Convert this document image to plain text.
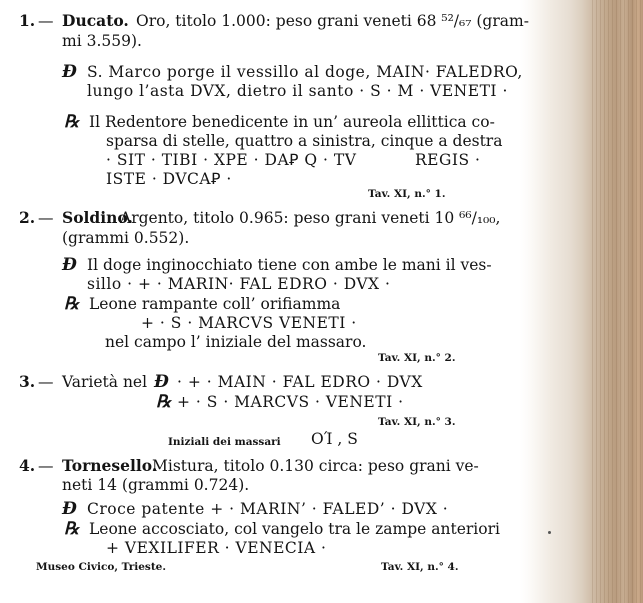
1. — Ducato. Oro, titolo 1.000: peso grani veneti 68 ⁵²/₆₇ (gram-
mi 3.559).
Ɖ S. Marco porge il vessillo al doge, MAIN· FALEDRO,
lungo l’asta DVX, dietro il santo · S · M · VENETI ·
℞ Il Redentore benedicente in un’ aureola ellittica co-
sparsa di stelle, quattro a sinistra, cinque a destra
· SIT · TIBI · XPE · DAꝐ Q · TV	REGIS ·
ISTE · DVCAꝐ ·
Tav. XI, n.° 1.
2. — Soldino.
Argento, titolo 0.965: peso grani veneti 10 ⁶⁶/₁₀₀,
(grammi 0.552).
Ɖ Il doge inginocchiato tiene con ambe le mani il ves-
sillo · + · MARIN· FAL EDRO · DVX ·
℞ Leone rampante coll’ orifiamma
+ · S · MARCVS VENETI ·
nel campo l’ iniziale del massaro.
Tav. XI, n.° 2.
3. — Varietà nel Ɖ · + · MAIN · FAL EDRO · DVX
℞ + · S · MARCVS · VENETI ·
Tav. XI, n.° 3.
Iniziali dei massari ΟΊ , S
4. — Tornesello.
Mistura, titolo 0.130 circa: peso grani ve-
neti 14 (grammi 0.724).
Ɖ Croce patente + · MARIN’ · FALED’ · DVX ·
℞ Leone accosciato, col vangelo tra le zampe anteriori
+ VEXILIFER · VENECIA ·
Museo Civico, Trieste.	Tav. XI, n.° 4.
